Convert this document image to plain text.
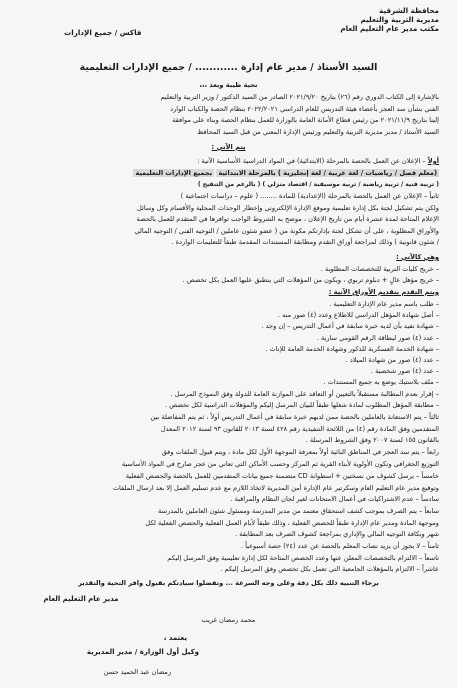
محافظة الشرقية
مديرية التربية والتعليم
مكتب مدير عام التعليم العام
فاكس / جميع الإدارات
السيد الأستاذ / مدير عام إدارة ............ / جميع الإدارات التعليمية
تحية طيبة وبعد ،،،
بالإشارة إلى الكتاب الدوري رقم (٢٦) بتاريخ ٢٠٢١/٩/٢٠ الصادر من السيد الدكتور / وزير التربية والتعليم
الفني بشأن سد العجز بأعضاء هيئة التدريس للعام الدراسي ٢٠٢٢/٢٠٢١ بنظام الحصة والكتاب الوارد
إلينا بتاريخ ٢٠٢١/١١/٩ من رئيس قطاع الأمانة العامة بالوزارة للعمل بنظام الحصة وبناء على موافقة
السيد الأستاذ / مدير مديرية التربية والتعليم ورئيس الإدارة المعني من قبل السيد المحافظ
يتم الآتي :
أولاً – الإعلان عن العمل بالحصة بالمرحلة (الابتدائية) في المواد الدراسية الأساسية الآتية :
(معلم فصل / رياضيات / لغة عربية / لغة إنجليزية ) بالمرحلة الابتدائية بجميع الإدارات التعليمية
( تربية فنية / تربية رياضية / تربية موسيقية / اقتصاد منزلي ) ( بالرغم من التنقيح )
ثانياً – الإعلان عن العمل بالحصة بالمرحلة (الإعدادية) للمادة ........ ( علوم – دراسات اجتماعية )
ولكن يتم تشكيل لجنة بكل إدارة تعليمية وموقع الإدارة الإلكتروني وإخطار الوحدات المحلية والأقسام وكل وسائل
الإعلام المتاحة لمدة عشرة أيام من تاريخ الإعلان ، موضح به الشروط الواجب توافرها في المتقدم للعمل بالحصة
والأوراق المطلوبة ، على أن تشكل لجنة بإدارتكم مكونة من ( عضو شئون عاملين / التوجيه الفني / التوجيه المالي
/ شئون قانونية ) وذلك لمراجعة أوراق التقدم ومطابقة المستندات المقدمة طبقاً للتعليمات الواردة .
وهي كالآتي :
– خريج كليات التربية للتخصصات المطلوبة .
– خريج مؤهل عالٍ + دبلوم تربوي ، ويكون من المؤهلات التي ينطبق عليها العمل بكل تخصص .
ويتم التقدم بتقديم الأوراق الآتية :
– طلب باسم مدير عام الإدارة التعليمية .
– أصل شهادة المؤهل الدراسي للاطلاع وعدد (٤) صور منه .
– شهادة تفيد بأن لديه خبرة سابقة في أعمال التدريس – إن وجد .
– عدد (٤) صور لبطاقة الرقم القومي سارية .
– شهادة الخدمة العسكرية للذكور وشهادة الخدمة العامة للإناث .
– عدد (٤) صور من شهادة الميلاد .
– عدد (٤) صور شخصية .
– ملف بلاستيك يوضع به جميع المستندات .
– إقرار بعدم المطالبة مستقبلاً بالتعيين أو التعاقد على الموازنة العامة للدولة وفق النموذج المرسل .
– مطابقة المؤهل المطلوب لمادة شغلها طبقاً للبيان المرسل إليكم والمؤهلات الدراسية لكل تخصص .
ثالثاً – يتم الاستعانة بالعاملين بالحصة ممن لديهم خبرة سابقة في أعمال التدريس أولاً ، ثم يتم المفاضلة بين
المتقدمين وفق المادة رقم (٤) من اللائحة التنفيذية رقم ٤٢٨ لسنة ٢٠١٣ للقانون ٩٣ لسنة ٢٠١٢ المعدل
بالقانون ١٥٥ لسنة ٢٠٠٧ وفق الشروط المرسلة .
رابعاً – يتم سد العجز في المناطق النائية أولاً بمعرفة الموجهة الأول لكل مادة ، ويتم قبول الملفات وفق
التوزيع الجغرافي وتكون الأولوية لأبناء القرية ثم المركز وحسب الأماكن التي تعاني من عجز صارخ في المواد الأساسية
خامساً – يرسل كشوف من نسختين + اسطوانة CD متضمنة جميع بيانات المتقدمين للعمل بالحصة والحصص الفعلية
وتوقيع مدير عام التعليم العام وسكرتير عام الإدارة أمن المديرية لاتخاذ اللازم مع عدم تسليم العمل إلا بعد ارسال الملفات
سادساً – عدم الاشتراكيات في أعمال الامتحانات لغير لجان النظام والمراقبة .
سابعاً – يتم الصرف بموجب كشف استحقاق معتمد من مدير المدرسة ومسئول شئون العاملين بالمدرسة
وموجهة المادة ومدير عام الإدارة طبقاً للحصص الفعلية ، وذلك طبقاً لأيام العمل الفعلية والحصص الفعلية لكل
شهر وبكافة التوجيه المالي والإداري بمراجعة كشوف الصرف بعد المطابقة .
ثامناً – لا يجوز أن يزيد نصاب المعلم بالحصة عن عدد (٢٤) حصة أسبوعياً .
تاسعاً – الالتزام بالتخصصات المعلن عنها وعدد الحصص المتاحة لكل إدارة تعليمية وفق المرسل إليكم
عاشراً – الالتزام بالمؤهلات الجامعية التي تعمل بكل تخصص وفق المرسل إليكم .
برجاء التنبيه ذلك بكل دقة وعلى وجه السرعة ... وتفضلوا سيادتكم بقبول وافر التحية والتقدير
مدير عام التعليم العام
محمد رمضان غريب
يعتمد ،
وكيل أول الوزارة / مدير المديرية
رمضان عبد الحميد حسن
